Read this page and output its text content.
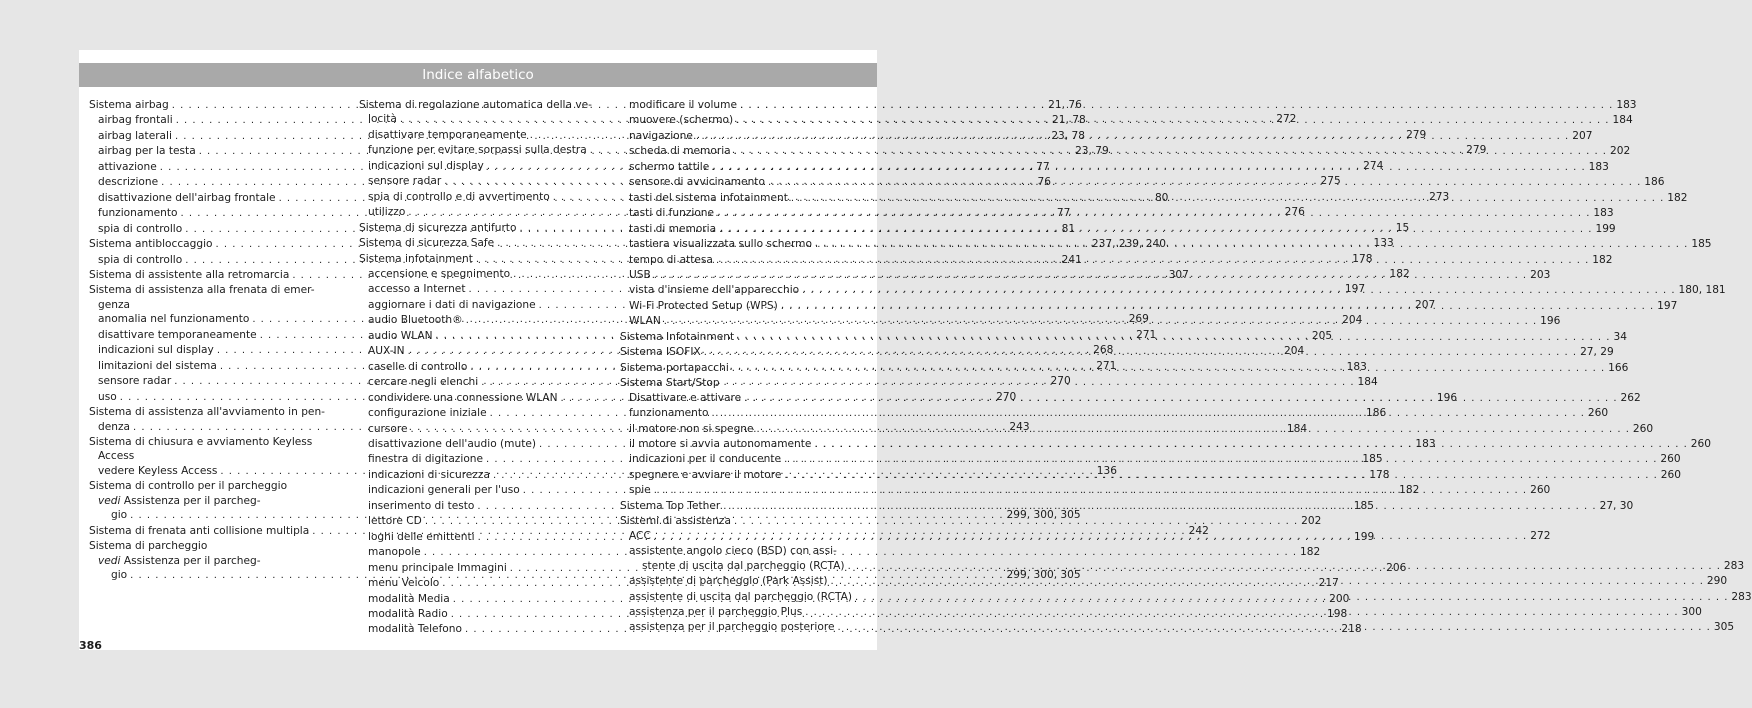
Indice alfabetico
Sistema airbag . . .	21, 76
airbag frontali . . .	21, 78
airbag laterali . . .	23, 78
airbag per la testa . . .	23, 79
attivazione . . .	77
descrizione . . .	76
disattivazione dell'airbag frontale . . .	80
funzionamento . . .	77
spia di controllo . . .	81
Sistema antibloccaggio . . .	237, 239, 240
spia di controllo . . .	241
Sistema di assistente alla retromarcia . . .	307
Sistema di assistenza alla frenata di emer-
genza
anomalia nel funzionamento . . .	269
disattivare temporaneamente . . .	271
indicazioni sul display . . .	268
limitazioni del sistema . . .	271
sensore radar . . .	270
uso . . .	270
Sistema di assistenza all'avviamento in pen-
denza . . .	243
Sistema di chiusura e avviamento Keyless
Access
vedere Keyless Access . . .	136
Sistema di controllo per il parcheggio
vedi Assistenza per il parcheg-
gio . . .	299, 300, 305
Sistema di frenata anti collisione multipla . . .	242
Sistema di parcheggio
vedi Assistenza per il parcheg-
gio . . .	299, 300, 305
Sistema di regolazione automatica della ve-
locità . . .	272
disattivare temporaneamente . . .	279
funzione per evitare sorpassi sulla destra . . .	279
indicazioni sul display . . .	274
sensore radar . . .	275
spia di controllo e di avvertimento . . .	273
utilizzo . . .	276
Sistema di sicurezza antifurto . . .	15
Sistema di sicurezza Safe . . .	133
Sistema infotainment . . .	178
accensione e spegnimento . . .	182
accesso a Internet . . .	197
aggiornare i dati di navigazione . . .	207
audio Bluetooth® . . .	204
audio WLAN . . .	205
AUX-IN . . .	204
caselle di controllo . . .	183
cercare negli elenchi . . .	184
condividere una connessione WLAN . . .	196
configurazione iniziale . . .	186
cursore . . .	184
disattivazione dell'audio (mute) . . .	183
finestra di digitazione . . .	185
indicazioni di sicurezza . . .	178
indicazioni generali per l'uso . . .	182
inserimento di testo . . .	185
lettore CD . . .	202
loghi delle emittenti . . .	199
manopole . . .	182
menu principale Immagini . . .	206
menu Veicolo . . .	217
modalità Media . . .	200
modalità Radio . . .	198
modalità Telefono . . .	218
modificare il volume . . .	183
muovere (schermo) . . .	184
navigazione . . .	207
scheda di memoria . . .	202
schermo tattile . . .	183
sensore di avvicinamento . . .	186
tasti del sistema infotainment . . .	182
tasti di funzione . . .	183
tasti di memoria . . .	199
tastiera visualizzata sullo schermo . . .	185
tempo di attesa . . .	182
USB . . .	203
vista d'insieme dell'apparecchio . . .	180, 181
Wi-Fi Protected Setup (WPS) . . .	197
WLAN . . .	196
Sistema Infotainment . . .	34
Sistema ISOFIX . . .	27, 29
Sistema portapacchi . . .	166
Sistema Start/Stop
Disattivare e attivare . . .	262
funzionamento . . .	260
il motore non si spegne . . .	260
il motore si avvia autonomamente . . .	260
indicazioni per il conducente . . .	260
spegnere e avviare il motore . . .	260
spie . . .	260
Sistema Top Tether . . .	27, 30
Sistemi di assistenza
ACC . . .	272
assistente angolo cieco (BSD) con assi-
stente di uscita dal parcheggio (RCTA) . . .	283
assistente di parcheggio (Park Assist) . . .	290
assistente di uscita dal parcheggio (RCTA) . . .	283
assistenza per il parcheggio Plus . . .	300
assistenza per il parcheggio posteriore . . .	305
386
